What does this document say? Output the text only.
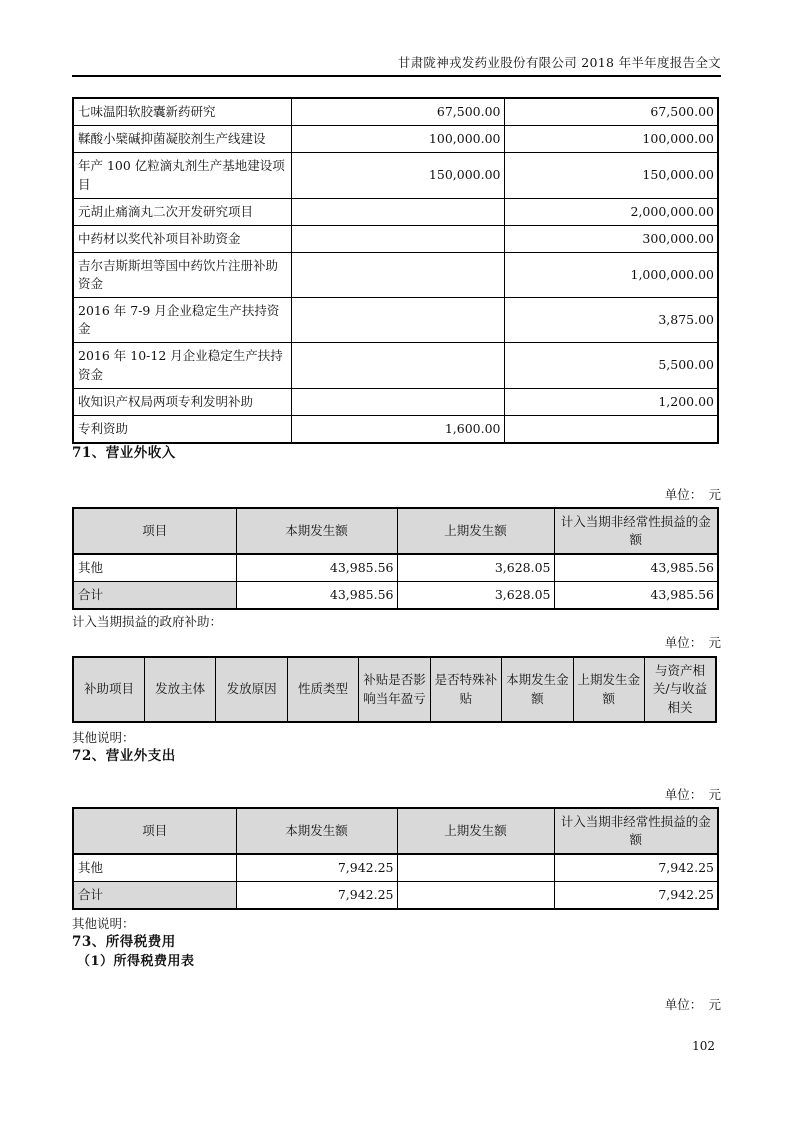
甘肃陇神戎发药业股份有限公司 2018 年半年度报告全文
七味温阳软胶囊新药研究	67,500.00	67,500.00
鞣酸小檗碱抑菌凝胶剂生产线建设	100,000.00	100,000.00
年产 100 亿粒滴丸剂生产基地建设项目	150,000.00	150,000.00
元胡止痛滴丸二次开发研究项目		2,000,000.00
中药材以奖代补项目补助资金		300,000.00
吉尔吉斯斯坦等国中药饮片注册补助资金		1,000,000.00
2016 年 7-9 月企业稳定生产扶持资金		3,875.00
2016 年 10-12 月企业稳定生产扶持资金		5,500.00
收知识产权局两项专利发明补助		1,200.00
专利资助	1,600.00	
71、营业外收入
单位：　元
项目	本期发生额	上期发生额	计入当期非经常性损益的金额
其他	43,985.56	3,628.05	43,985.56
合计	43,985.56	3,628.05	43,985.56
计入当期损益的政府补助：
单位：　元
补助项目	发放主体	发放原因	性质类型	补贴是否影响当年盈亏	是否特殊补贴	本期发生金额	上期发生金额	与资产相关/与收益相关
其他说明：
72、营业外支出
单位：　元
项目	本期发生额	上期发生额	计入当期非经常性损益的金额
其他	7,942.25		7,942.25
合计	7,942.25		7,942.25
其他说明：
73、所得税费用
（1）所得税费用表
单位：　元
102
